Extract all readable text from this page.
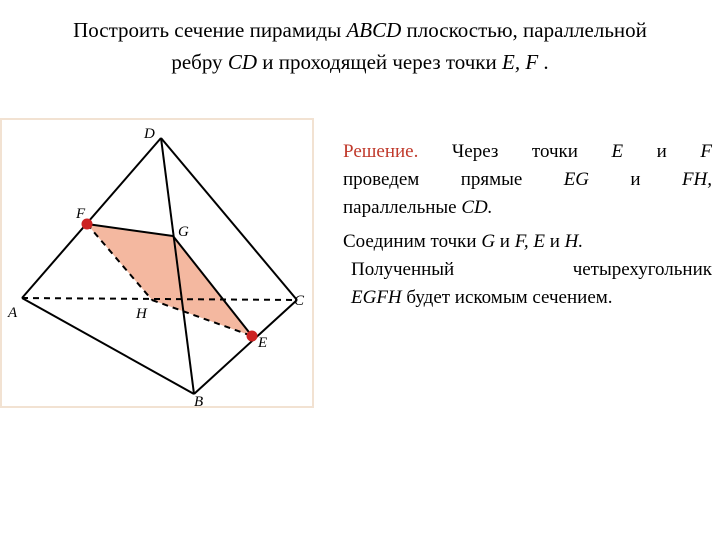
Построить сечение пирамиды ABCD плоскостью, параллельной
ребру CD и проходящей через точки E, F .
D
F
G
A	H
C
E
B

Решение. Через точки E и F

проведем прямые EG и FH,

параллельные CD.

Соединим точки G и F, E и H.

Полученный	четырехугольник

EGFH будет искомым сечением.
